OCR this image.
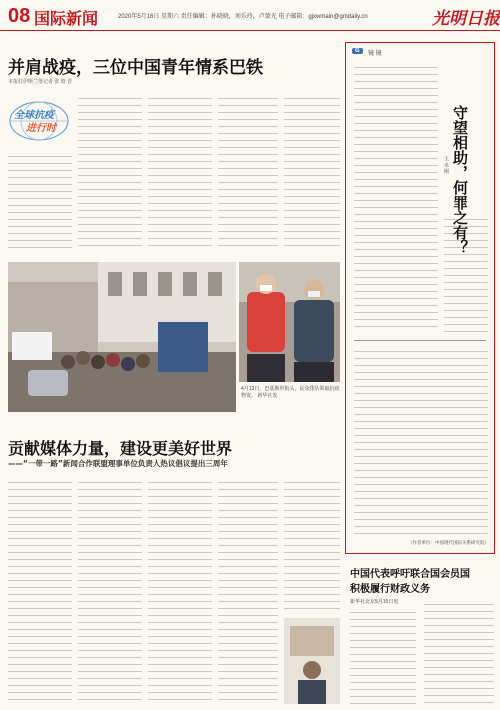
08 国际新闻	2020年5月16日 星期六 责任编辑：孙晓晓，刘乐玲，卢蒙光 电子邮箱：gjxwmain@gmdaily.cn	光明日报
并肩战疫，三位中国青年情系巴铁
本报驻伊斯兰堡记者 张 晗 晋
全球抗疫
进行时
4月13日，巴基斯坦街头，民众排队领取抗疫物资。 新华社发
贡献媒体力量，建设更美好世界
——“一带一路”新闻合作联盟理事单位负责人热议倡议提出三周年
G	镜 镜
守望相助，何罪之有？
王 卓 刚
（作者单位：中国现代国际关系研究院）
中国代表呼吁联合国会员国
积极履行财政义务
新华社北京5月15日电
